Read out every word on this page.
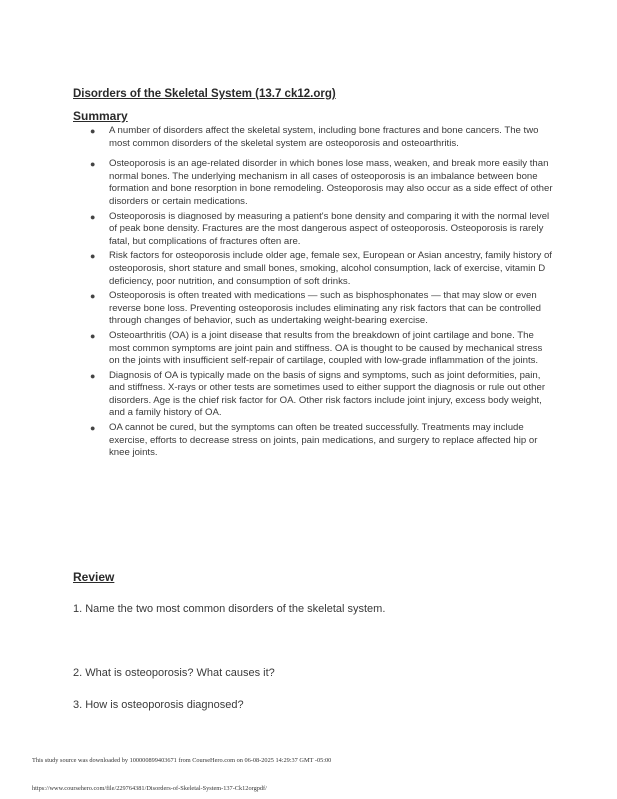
Disorders of the Skeletal System (13.7 ck12.org)
Summary
● A number of disorders affect the skeletal system, including bone fractures and bone cancers. The two most common disorders of the skeletal system are osteoporosis and osteoarthritis.
● Osteoporosis is an age-related disorder in which bones lose mass, weaken, and break more easily than normal bones. The underlying mechanism in all cases of osteoporosis is an imbalance between bone formation and bone resorption in bone remodeling. Osteoporosis may also occur as a side effect of other disorders or certain medications.
● Osteoporosis is diagnosed by measuring a patient's bone density and comparing it with the normal level of peak bone density. Fractures are the most dangerous aspect of osteoporosis. Osteoporosis is rarely fatal, but complications of fractures often are.
● Risk factors for osteoporosis include older age, female sex, European or Asian ancestry, family history of osteoporosis, short stature and small bones, smoking, alcohol consumption, lack of exercise, vitamin D deficiency, poor nutrition, and consumption of soft drinks.
● Osteoporosis is often treated with medications — such as bisphosphonates — that may slow or even reverse bone loss. Preventing osteoporosis includes eliminating any risk factors that can be controlled through changes of behavior, such as undertaking weight-bearing exercise.
● Osteoarthritis (OA) is a joint disease that results from the breakdown of joint cartilage and bone. The most common symptoms are joint pain and stiffness. OA is thought to be caused by mechanical stress on the joints with insufficient self-repair of cartilage, coupled with low-grade inflammation of the joints.
● Diagnosis of OA is typically made on the basis of signs and symptoms, such as joint deformities, pain, and stiffness. X-rays or other tests are sometimes used to either support the diagnosis or rule out other disorders. Age is the chief risk factor for OA. Other risk factors include joint injury, excess body weight, and a family history of OA.
● OA cannot be cured, but the symptoms can often be treated successfully. Treatments may include exercise, efforts to decrease stress on joints, pain medications, and surgery to replace affected hip or knee joints.
Review
1. Name the two most common disorders of the skeletal system.
2. What is osteoporosis? What causes it?
3. How is osteoporosis diagnosed?
This study source was downloaded by 100000899403671 from CourseHero.com on 06-08-2025 14:29:37 GMT -05:00
https://www.coursehero.com/file/229764381/Disorders-of-Skeletal-System-137-Ck12orgpdf/
